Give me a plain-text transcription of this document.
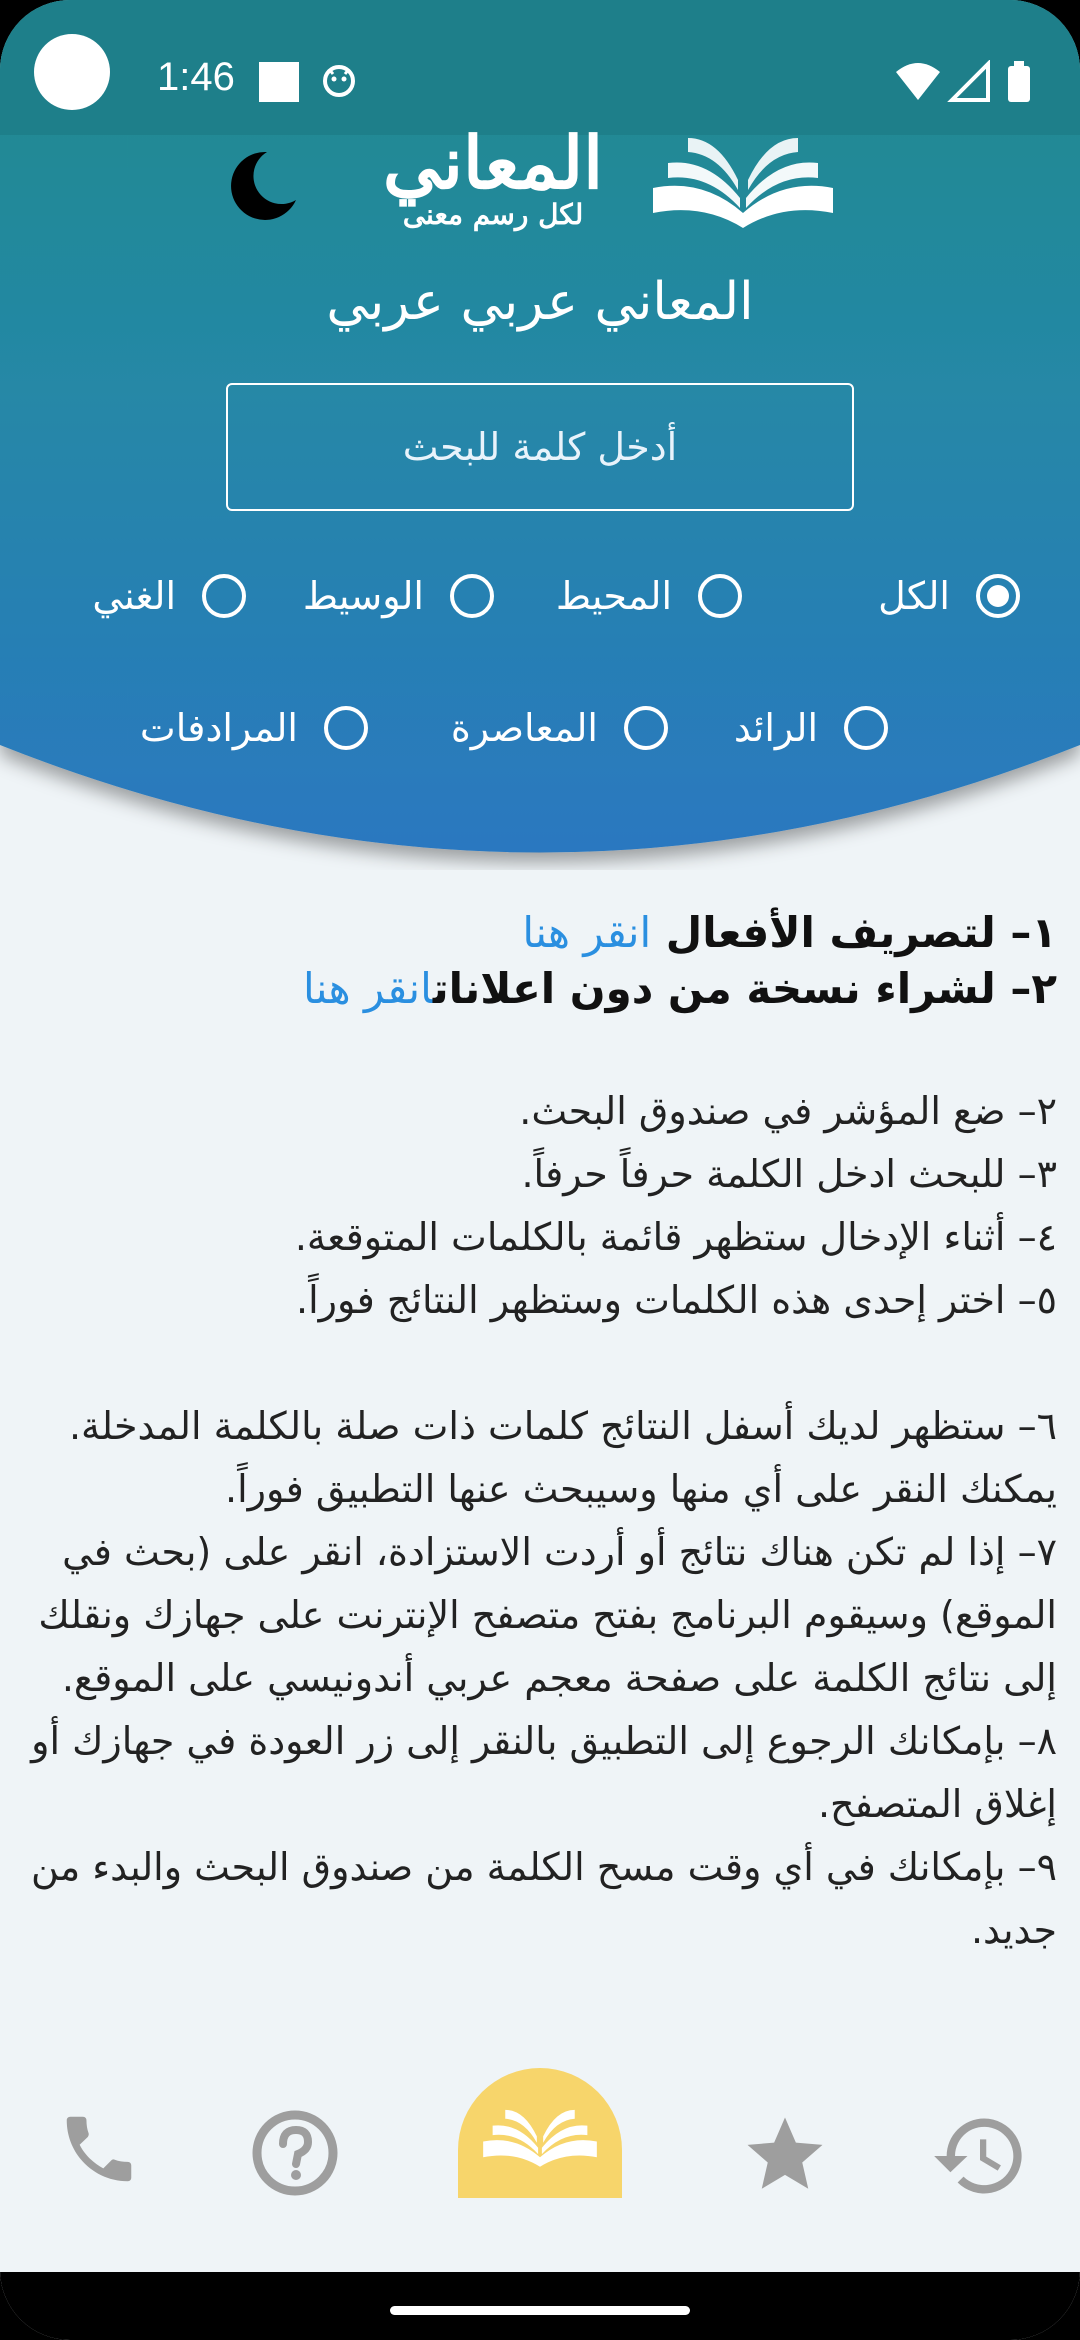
1:46
المعاني
لكل رسم معنى
المعاني عربي عربي
أدخل كلمة للبحث
الكل
المحيط
الوسيط
الغني
الرائد
المعاصرة
المرادفات
١– لتصريف الأفعال انقر هنا
٢– لشراء نسخة من دون اعلاناتانقر هنا
٢– ضع المؤشر في صندوق البحث.
٣– للبحث ادخل الكلمة حرفاً حرفاً.
٤– أثناء الإدخال ستظهر قائمة بالكلمات المتوقعة.
٥– اختر إحدى هذه الكلمات وستظهر النتائج فوراً.
٦– ستظهر لديك أسفل النتائج كلمات ذات صلة بالكلمة المدخلة. يمكنك النقر على أي منها وسيبحث عنها التطبيق فوراً.
٧– إذا لم تكن هناك نتائج أو أردت الاستزادة، انقر على (بحث في الموقع) وسيقوم البرنامج بفتح متصفح الإنترنت على جهازك ونقلك إلى نتائج الكلمة على صفحة معجم عربي أندونيسي على الموقع.
٨– بإمكانك الرجوع إلى التطبيق بالنقر إلى زر العودة في جهازك أو إغلاق المتصفح.
٩– بإمكانك في أي وقت مسح الكلمة من صندوق البحث والبدء من جديد.
